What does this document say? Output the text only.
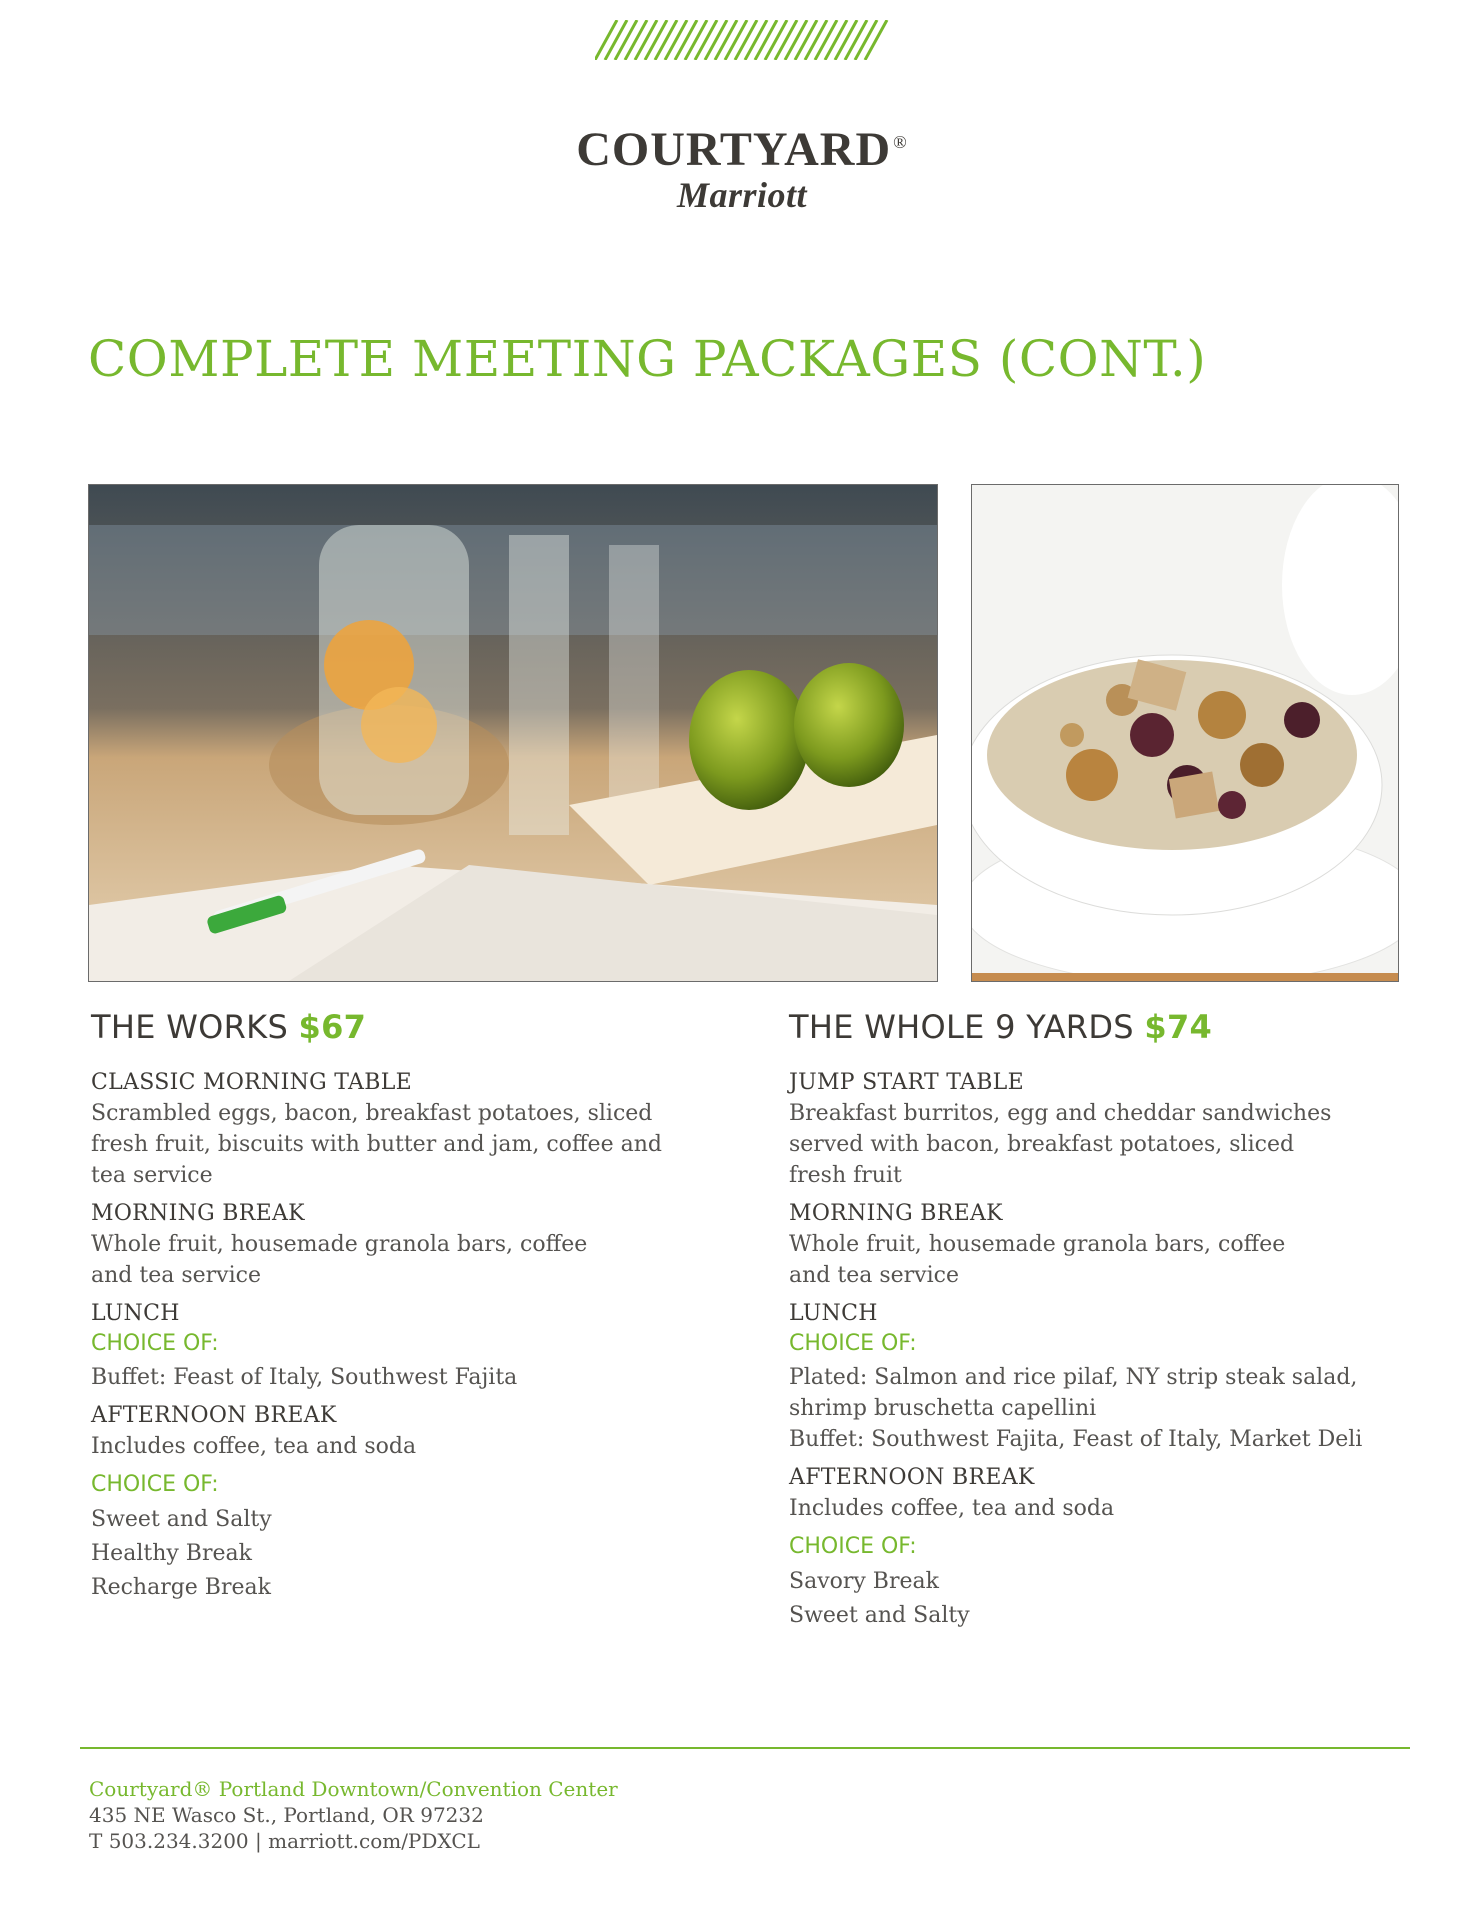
COURTYARD ®
Marriott
COMPLETE MEETING PACKAGES (CONT.)
THE WORKS $67
CLASSIC MORNING TABLE
Scrambled eggs, bacon, breakfast potatoes, sliced
fresh fruit, biscuits with butter and jam, coffee and
tea service
MORNING BREAK
Whole fruit, housemade granola bars, coffee
and tea service
LUNCH
CHOICE OF:
Buffet: Feast of Italy, Southwest Fajita
AFTERNOON BREAK
Includes coffee, tea and soda
CHOICE OF:
Sweet and Salty
Healthy Break
Recharge Break
THE WHOLE 9 YARDS $74
JUMP START TABLE
Breakfast burritos, egg and cheddar sandwiches
served with bacon, breakfast potatoes, sliced
fresh fruit
MORNING BREAK
Whole fruit, housemade granola bars, coffee
and tea service
LUNCH
CHOICE OF:
Plated: Salmon and rice pilaf, NY strip steak salad,
shrimp bruschetta capellini
Buffet: Southwest Fajita, Feast of Italy, Market Deli
AFTERNOON BREAK
Includes coffee, tea and soda
CHOICE OF:
Savory Break
Sweet and Salty
Courtyard® Portland Downtown/Convention Center
435 NE Wasco St., Portland, OR 97232
T 503.234.3200 | marriott.com/PDXCL
